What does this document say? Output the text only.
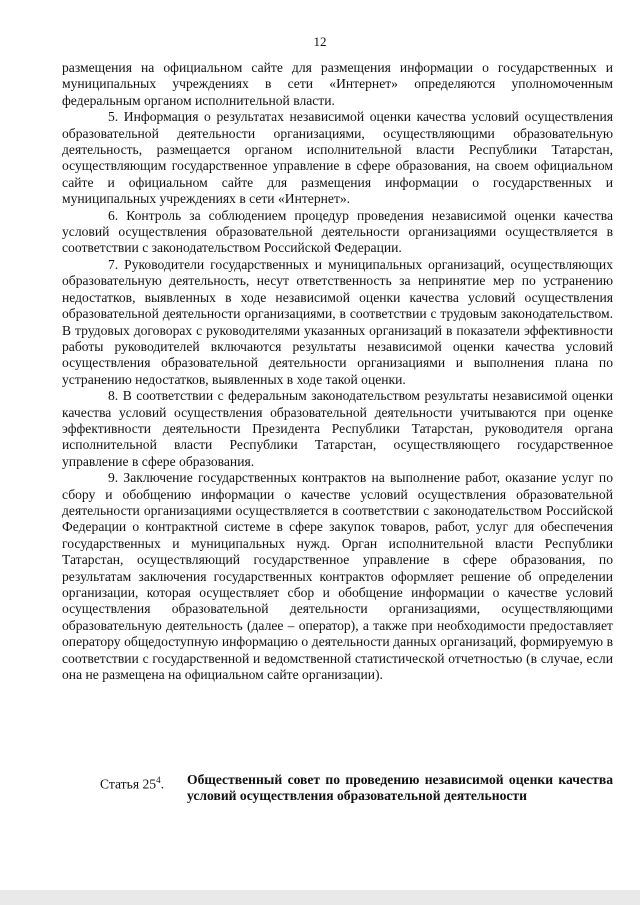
12

размещения на официальном сайте для размещения информации о государственных и муниципальных учреждениях в сети «Интернет» определяются уполномоченным федеральным органом исполнительной власти.

5. Информация о результатах независимой оценки качества условий осуществления образовательной деятельности организациями, осуществляющими образовательную деятельность, размещается органом исполнительной власти Республики Татарстан, осуществляющим государственное управление в сфере образования, на своем официальном сайте и официальном сайте для размещения информации о государственных и муниципальных учреждениях в сети «Интернет».

6. Контроль за соблюдением процедур проведения независимой оценки качества условий осуществления образовательной деятельности организациями осуществляется в соответствии с законодательством Российской Федерации.

7. Руководители государственных и муниципальных организаций, осуществляющих образовательную деятельность, несут ответственность за непринятие мер по устранению недостатков, выявленных в ходе независимой оценки качества условий осуществления образовательной деятельности организациями, в соответствии с трудовым законодательством. В трудовых договорах с руководителями указанных организаций в показатели эффективности работы руководителей включаются результаты независимой оценки качества условий осуществления образовательной деятельности организациями и выполнения плана по устранению недостатков, выявленных в ходе такой оценки.

8. В соответствии с федеральным законодательством результаты независимой оценки качества условий осуществления образовательной деятельности учитываются при оценке эффективности деятельности Президента Республики Татарстан, руководителя органа исполнительной власти Республики Татарстан, осуществляющего государственное управление в сфере образования.

9. Заключение государственных контрактов на выполнение работ, оказание услуг по сбору и обобщению информации о качестве условий осуществления образовательной деятельности организациями осуществляется в соответствии с законодательством Российской Федерации о контрактной системе в сфере закупок товаров, работ, услуг для обеспечения государственных и муниципальных нужд. Орган исполнительной власти Республики Татарстан, осуществляющий государственное управление в сфере образования, по результатам заключения государственных контрактов оформляет решение об определении организации, которая осуществляет сбор и обобщение информации о качестве условий осуществления образовательной деятельности организациями, осуществляющими образовательную деятельность (далее – оператор), а также при необходимости предоставляет оператору общедоступную информацию о деятельности данных организаций, формируемую в соответствии с государственной и ведомственной статистической отчетностью (в случае, если она не размещена на официальном сайте организации).

Статья $25^4$. Общественный совет по проведению независимой оценки качества условий осуществления образовательной деятельности
